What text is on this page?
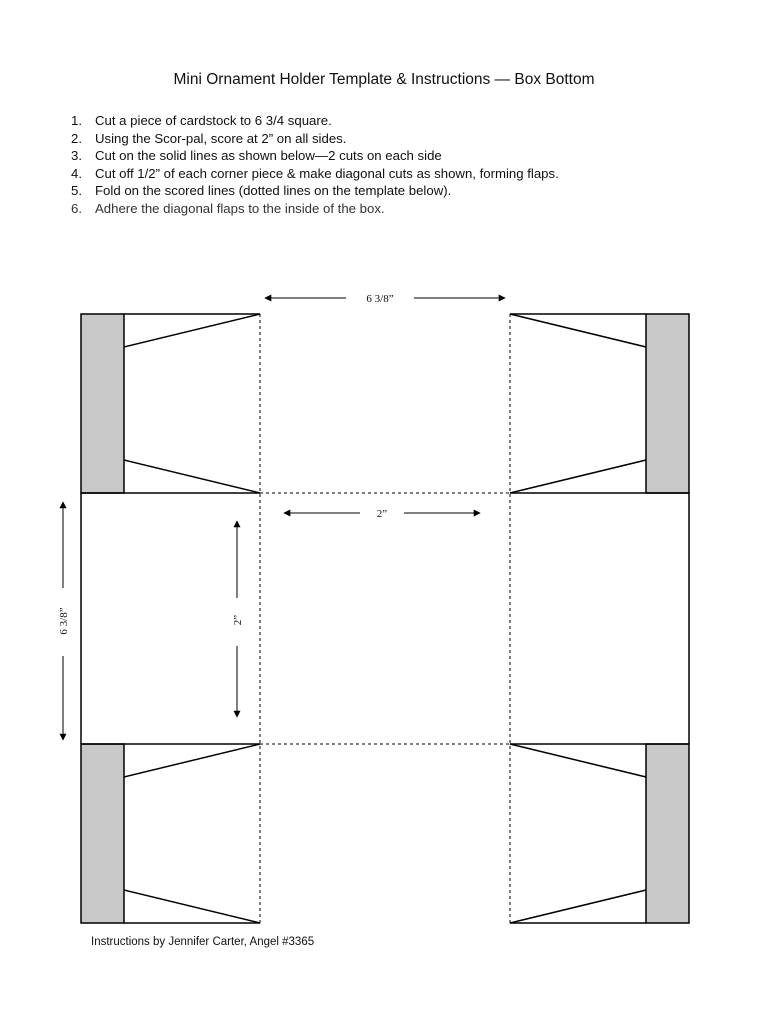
Mini Ornament Holder Template & Instructions — Box Bottom
1. Cut a piece of cardstock to 6 3/4 square.
2. Using the Scor-pal, score at 2” on all sides.
3. Cut on the solid lines as shown below—2 cuts on each side
4. Cut off 1/2” of each corner piece & make diagonal cuts as shown, forming flaps.
5. Fold on the scored lines (dotted lines on the template below).
6. Adhere the diagonal flaps to the inside of the box.
6 3/8”
2”
6 3/8”	2”
Instructions by Jennifer Carter, Angel #3365
